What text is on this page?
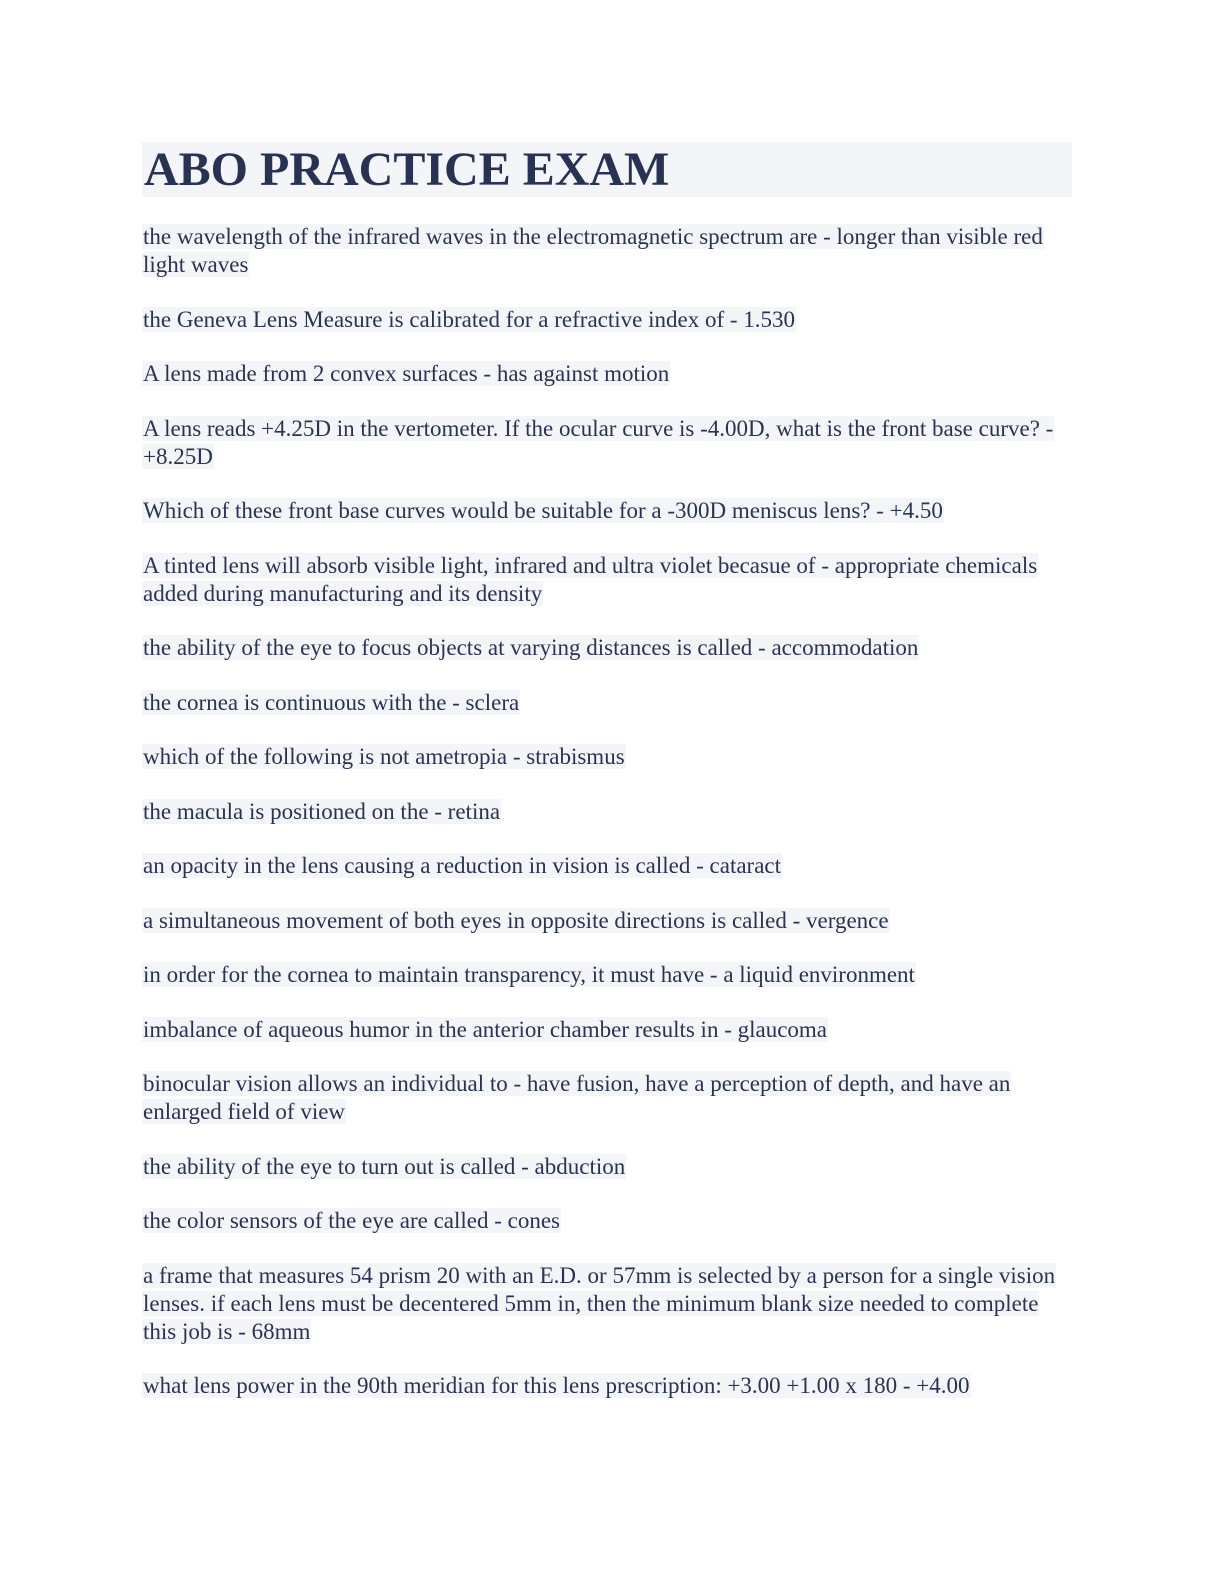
ABO PRACTICE EXAM

the wavelength of the infrared waves in the electromagnetic spectrum are - longer than visible red light waves

the Geneva Lens Measure is calibrated for a refractive index of - 1.530

A lens made from 2 convex surfaces - has against motion

A lens reads +4.25D in the vertometer. If the ocular curve is -4.00D, what is the front base curve? - +8.25D

Which of these front base curves would be suitable for a -300D meniscus lens? - +4.50

A tinted lens will absorb visible light, infrared and ultra violet becasue of - appropriate chemicals added during manufacturing and its density

the ability of the eye to focus objects at varying distances is called - accommodation

the cornea is continuous with the - sclera

which of the following is not ametropia - strabismus

the macula is positioned on the - retina

an opacity in the lens causing a reduction in vision is called - cataract

a simultaneous movement of both eyes in opposite directions is called - vergence

in order for the cornea to maintain transparency, it must have - a liquid environment

imbalance of aqueous humor in the anterior chamber results in - glaucoma

binocular vision allows an individual to - have fusion, have a perception of depth, and have an enlarged field of view

the ability of the eye to turn out is called - abduction

the color sensors of the eye are called - cones

a frame that measures 54 prism 20 with an E.D. or 57mm is selected by a person for a single vision lenses. if each lens must be decentered 5mm in, then the minimum blank size needed to complete this job is - 68mm

what lens power in the 90th meridian for this lens prescription: +3.00 +1.00 x 180 - +4.00
